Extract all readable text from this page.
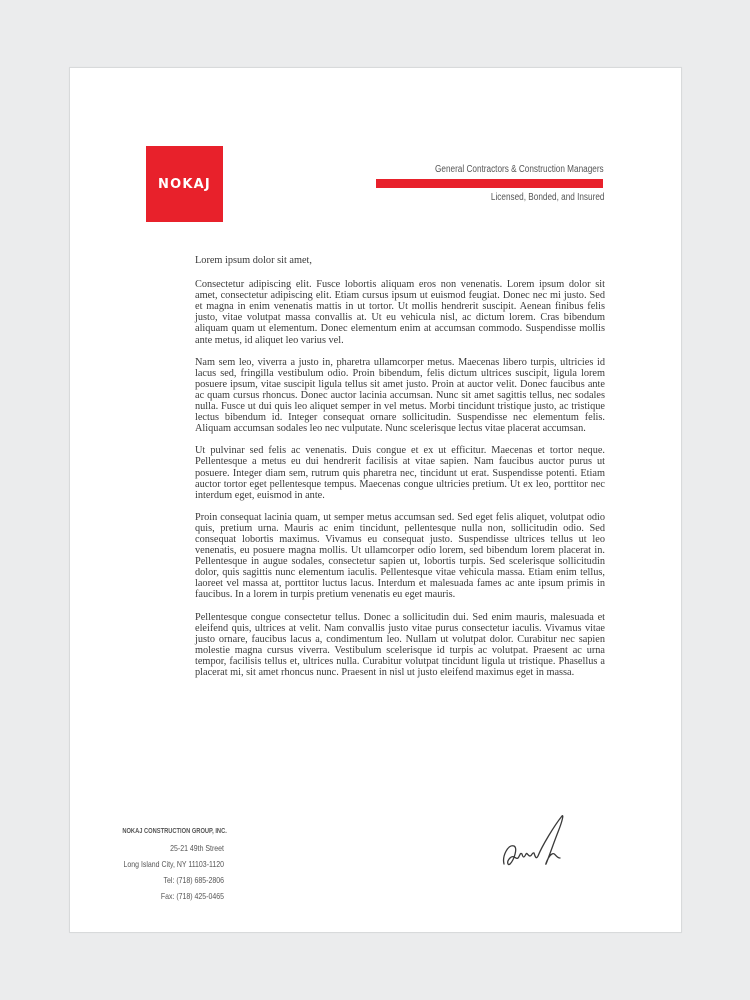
NOKAJ
General Contractors & Construction Managers
Licensed, Bonded, and Insured

Lorem ipsum dolor sit amet,

Consectetur adipiscing elit. Fusce lobortis aliquam eros non venenatis. Lorem ipsum dolor sit amet, consectetur adipiscing elit. Etiam cursus ipsum ut euismod feugiat. Donec nec mi justo. Sed et magna in enim venenatis mattis in ut tortor. Ut mollis hendrerit suscipit. Aenean finibus felis justo, vitae volutpat massa convallis at. Ut eu vehicula nisl, ac dictum lorem. Cras bibendum aliquam quam ut elementum. Donec elementum enim at accumsan commodo. Suspendisse mollis ante metus, id aliquet leo varius vel.

Nam sem leo, viverra a justo in, pharetra ullamcorper metus. Maecenas libero turpis, ultricies id lacus sed, fringilla vestibulum odio. Proin bibendum, felis dictum ultrices suscipit, ligula lorem posuere ipsum, vitae suscipit ligula tellus sit amet justo. Proin at auctor velit. Donec faucibus ante ac quam cursus rhoncus. Donec auctor lacinia accumsan. Nunc sit amet sagittis tellus, nec sodales nulla. Fusce ut dui quis leo aliquet semper in vel metus. Morbi tincidunt tristique justo, ac tristique lectus bibendum id. Integer consequat ornare sollicitudin. Suspendisse nec elementum felis. Aliquam accumsan sodales leo nec vulputate. Nunc scelerisque lectus vitae placerat accumsan.

Ut pulvinar sed felis ac venenatis. Duis congue et ex ut efficitur. Maecenas et tortor neque. Pellentesque a metus eu dui hendrerit facilisis at vitae sapien. Nam faucibus auctor purus ut posuere. Integer diam sem, rutrum quis pharetra nec, tincidunt ut erat. Suspendisse potenti. Etiam auctor tortor eget pellentesque tempus. Maecenas congue ultricies pretium. Ut ex leo, porttitor nec interdum eget, euismod in ante.

Proin consequat lacinia quam, ut semper metus accumsan sed. Sed eget felis aliquet, volutpat odio quis, pretium urna. Mauris ac enim tincidunt, pellentesque nulla non, sollicitudin odio. Sed consequat lobortis maximus. Vivamus eu consequat justo. Suspendisse ultrices tellus ut leo venenatis, eu posuere magna mollis. Ut ullamcorper odio lorem, sed bibendum lorem placerat in. Pellentesque in augue sodales, consectetur sapien ut, lobortis turpis. Sed scelerisque sollicitudin dolor, quis sagittis nunc elementum iaculis. Pellentesque vitae vehicula massa. Etiam enim tellus, laoreet vel massa at, porttitor luctus lacus. Interdum et malesuada fames ac ante ipsum primis in faucibus. In a lorem in turpis pretium venenatis eu eget mauris.

Pellentesque congue consectetur tellus. Donec a sollicitudin dui. Sed enim mauris, malesuada et eleifend quis, ultrices at velit. Nam convallis justo vitae purus consectetur iaculis. Vivamus vitae justo ornare, faucibus lacus a, condimentum leo. Nullam ut volutpat dolor. Curabitur nec sapien molestie magna cursus viverra. Vestibulum scelerisque id turpis ac volutpat. Praesent ac urna tempor, facilisis tellus et, ultrices nulla. Curabitur volutpat tincidunt ligula ut tristique. Phasellus a placerat mi, sit amet rhoncus nunc. Praesent in nisl ut justo eleifend maximus eget in massa.

NOKAJ CONSTRUCTION GROUP, INC.
25-21 49th Street
Long Island City, NY 11103-1120
Tel: (718) 685-2806
Fax: (718) 425-0465
